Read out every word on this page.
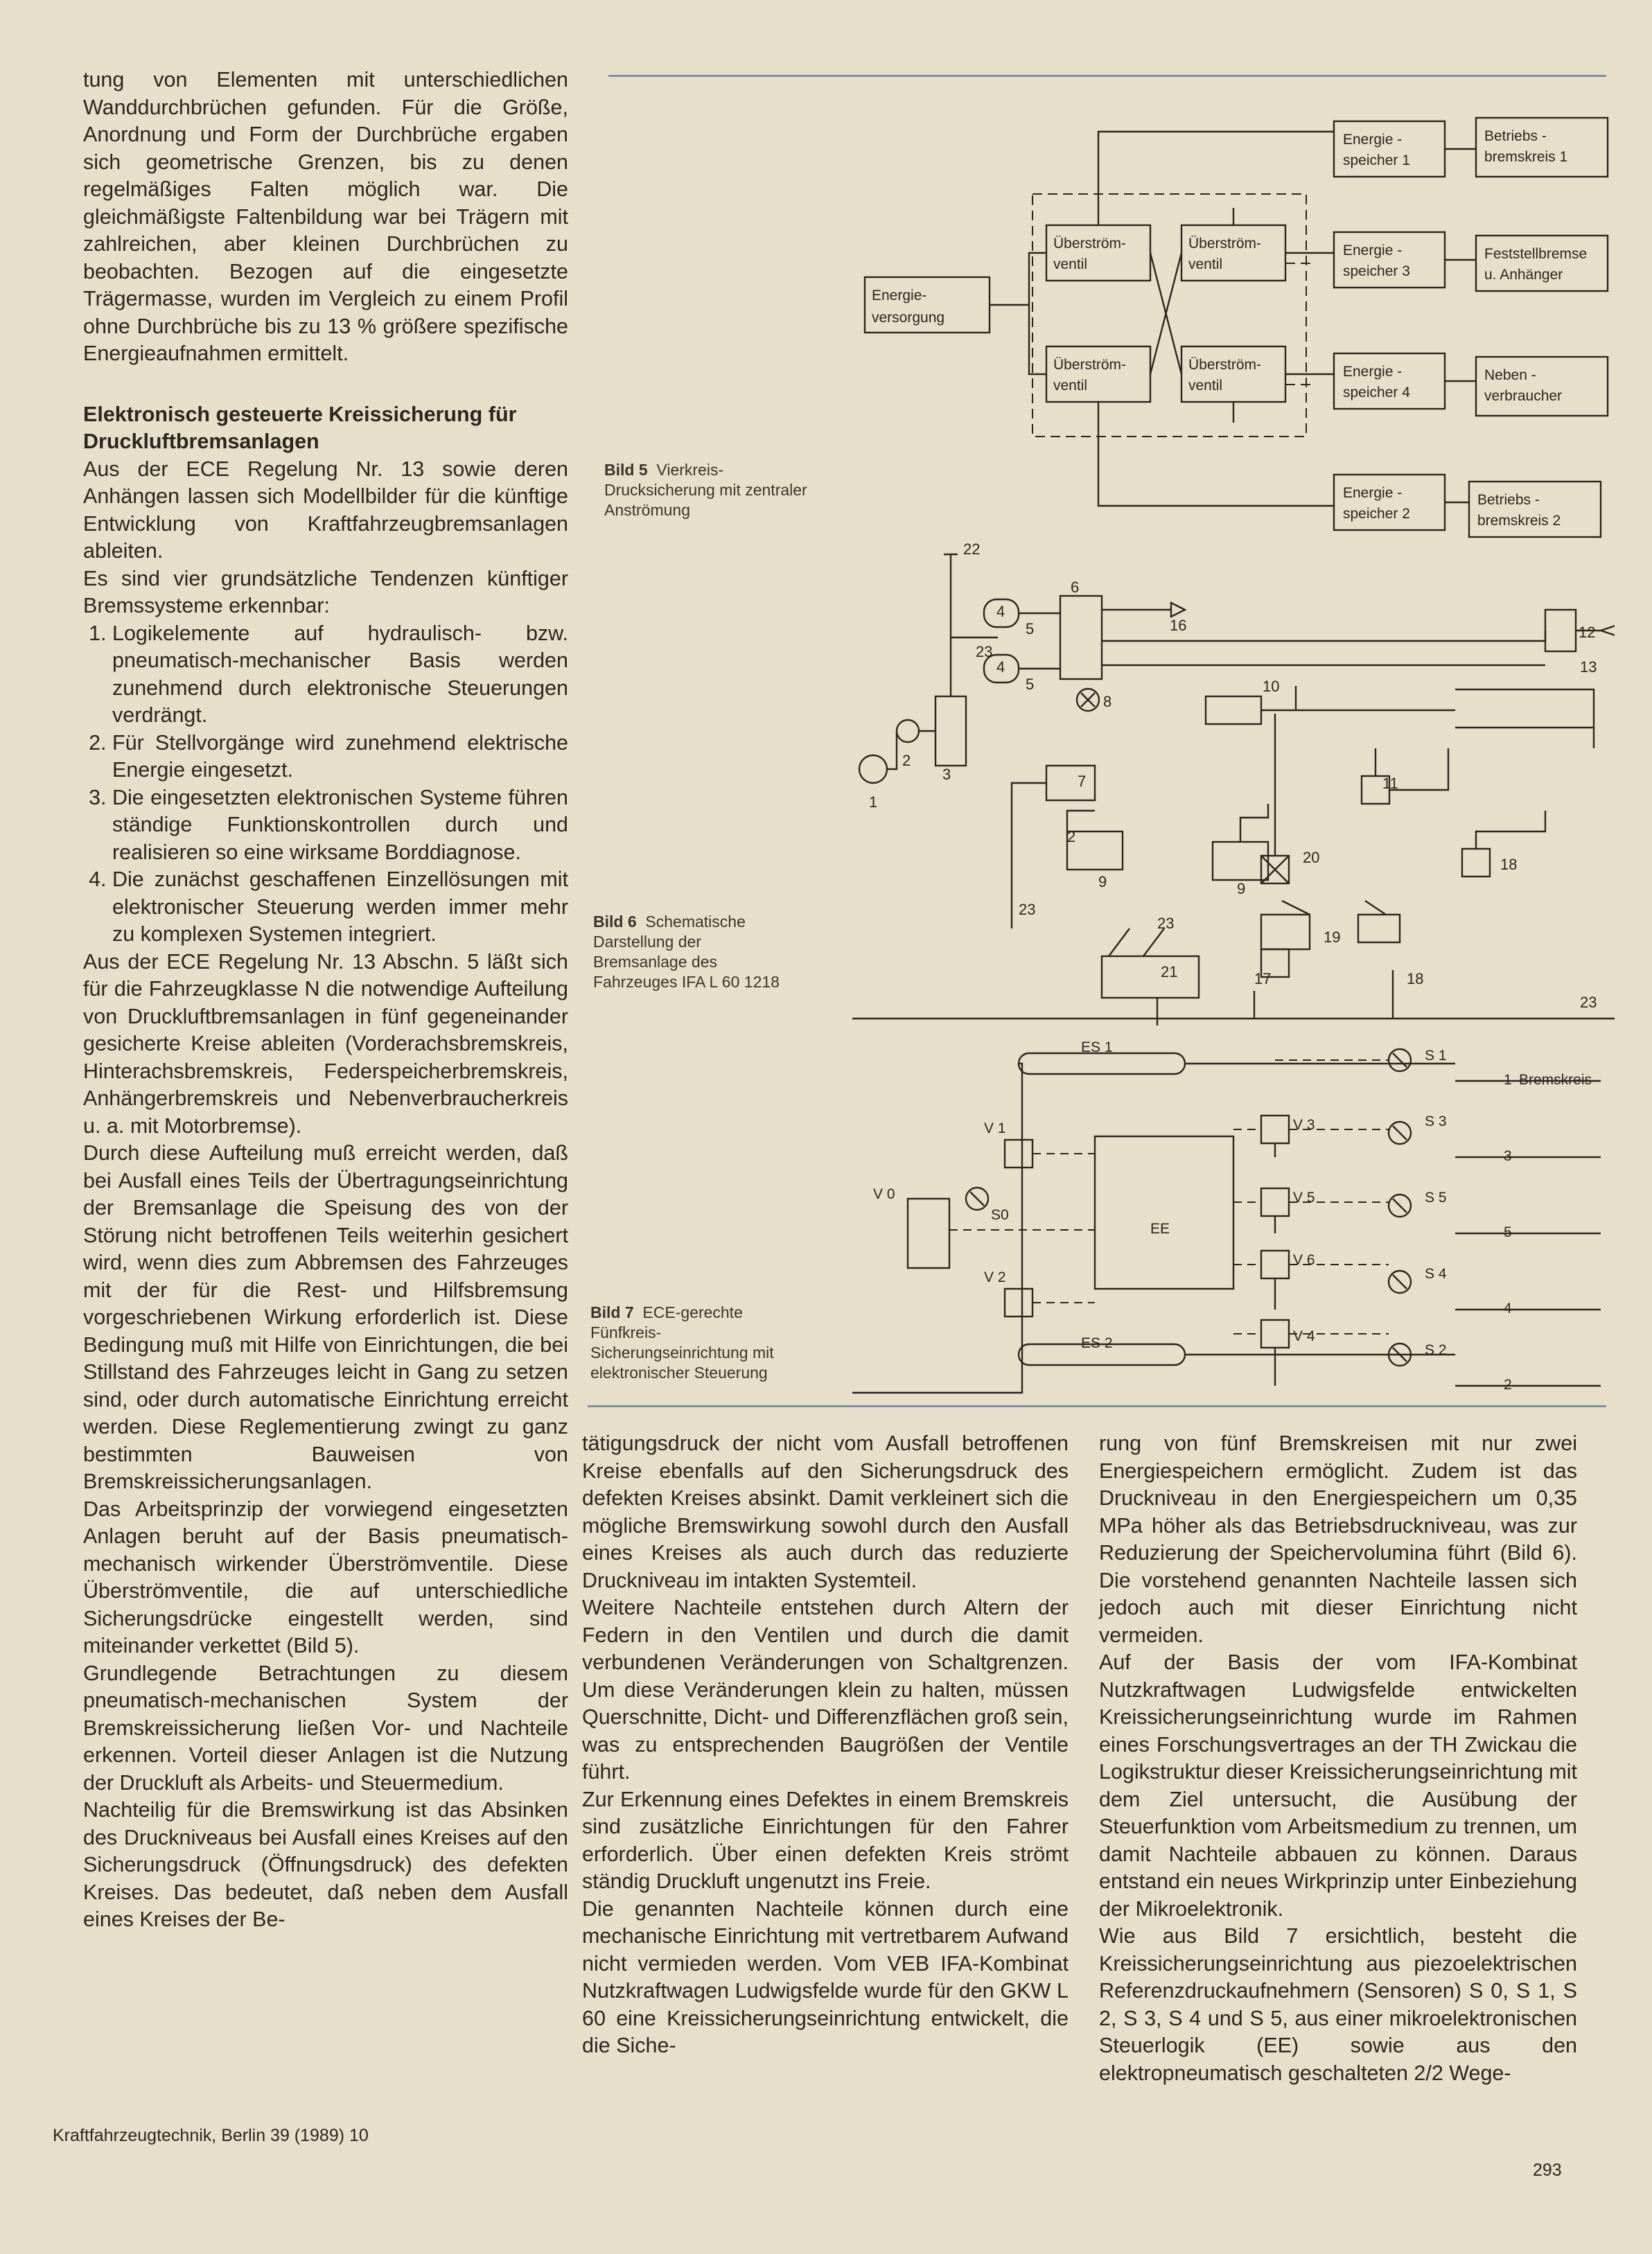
tung von Elementen mit unterschiedlichen Wanddurchbrüchen gefunden. Für die Größe, Anordnung und Form der Durchbrüche ergaben sich geometrische Grenzen, bis zu denen regelmäßiges Falten möglich war. Die gleichmäßigste Faltenbildung war bei Trägern mit zahlreichen, aber kleinen Durchbrüchen zu beobachten. Bezogen auf die eingesetzte Trägermasse, wurden im Vergleich zu einem Profil ohne Durchbrüche bis zu 13 % größere spezifische Energieaufnahmen ermittelt.

Elektronisch gesteuerte Kreissicherung für Druckluftbremsanlagen

Aus der ECE Regelung Nr. 13 sowie deren Anhängen lassen sich Modellbilder für die künftige Entwicklung von Kraftfahrzeugbremsanlagen ableiten.

Es sind vier grundsätzliche Tendenzen künftiger Bremssysteme erkennbar:

1. Logikelemente auf hydraulisch- bzw. pneumatisch-mechanischer Basis werden zunehmend durch elektronische Steuerungen verdrängt.
2. Für Stellvorgänge wird zunehmend elektrische Energie eingesetzt.
3. Die eingesetzten elektronischen Systeme führen ständige Funktionskontrollen durch und realisieren so eine wirksame Borddiagnose.
4. Die zunächst geschaffenen Einzellösungen mit elektronischer Steuerung werden immer mehr zu komplexen Systemen integriert.

Aus der ECE Regelung Nr. 13 Abschn. 5 läßt sich für die Fahrzeugklasse N die notwendige Aufteilung von Druckluftbremsanlagen in fünf gegeneinander gesicherte Kreise ableiten (Vorderachsbremskreis, Hinterachsbremskreis, Federspeicherbremskreis, Anhängerbremskreis und Nebenverbraucherkreis u. a. mit Motorbremse).

Durch diese Aufteilung muß erreicht werden, daß bei Ausfall eines Teils der Übertragungseinrichtung der Bremsanlage die Speisung des von der Störung nicht betroffenen Teils weiterhin gesichert wird, wenn dies zum Abbremsen des Fahrzeuges mit der für die Rest- und Hilfsbremsung vorgeschriebenen Wirkung erforderlich ist. Diese Bedingung muß mit Hilfe von Einrichtungen, die bei Stillstand des Fahrzeuges leicht in Gang zu setzen sind, oder durch automatische Einrichtung erreicht werden. Diese Reglementierung zwingt zu ganz bestimmten Bauweisen von Bremskreissicherungsanlagen.

Das Arbeitsprinzip der vorwiegend eingesetzten Anlagen beruht auf der Basis pneumatisch-mechanisch wirkender Überströmventile. Diese Überströmventile, die auf unterschiedliche Sicherungsdrücke eingestellt werden, sind miteinander verkettet (Bild 5).

Grundlegende Betrachtungen zu diesem pneumatisch-mechanischen System der Bremskreissicherung ließen Vor- und Nachteile erkennen. Vorteil dieser Anlagen ist die Nutzung der Druckluft als Arbeits- und Steuermedium.

Nachteilig für die Bremswirkung ist das Absinken des Druckniveaus bei Ausfall eines Kreises auf den Sicherungsdruck (Öffnungsdruck) des defekten Kreises. Das bedeutet, daß neben dem Ausfall eines Kreises der Be-

tätigungsdruck der nicht vom Ausfall betroffenen Kreise ebenfalls auf den Sicherungsdruck des defekten Kreises absinkt. Damit verkleinert sich die mögliche Bremswirkung sowohl durch den Ausfall eines Kreises als auch durch das reduzierte Druckniveau im intakten Systemteil.

Weitere Nachteile entstehen durch Altern der Federn in den Ventilen und durch die damit verbundenen Veränderungen von Schaltgrenzen. Um diese Veränderungen klein zu halten, müssen Querschnitte, Dicht- und Differenzflächen groß sein, was zu entsprechenden Baugrößen der Ventile führt.

Zur Erkennung eines Defektes in einem Bremskreis sind zusätzliche Einrichtungen für den Fahrer erforderlich. Über einen defekten Kreis strömt ständig Druckluft ungenutzt ins Freie.

Die genannten Nachteile können durch eine mechanische Einrichtung mit vertretbarem Aufwand nicht vermieden werden. Vom VEB IFA-Kombinat Nutzkraftwagen Ludwigsfelde wurde für den GKW L 60 eine Kreissicherungseinrichtung entwickelt, die die Siche-

rung von fünf Bremskreisen mit nur zwei Energiespeichern ermöglicht. Zudem ist das Druckniveau in den Energiespeichern um 0,35 MPa höher als das Betriebsdruckniveau, was zur Reduzierung der Speichervolumina führt (Bild 6). Die vorstehend genannten Nachteile lassen sich jedoch auch mit dieser Einrichtung nicht vermeiden.

Auf der Basis der vom IFA-Kombinat Nutzkraftwagen Ludwigsfelde entwickelten Kreissicherungseinrichtung wurde im Rahmen eines Forschungsvertrages an der TH Zwickau die Logikstruktur dieser Kreissicherungseinrichtung mit dem Ziel untersucht, die Ausübung der Steuerfunktion vom Arbeitsmedium zu trennen, um damit Nachteile abbauen zu können. Daraus entstand ein neues Wirkprinzip unter Einbeziehung der Mikroelektronik.

Wie aus Bild 7 ersichtlich, besteht die Kreissicherungseinrichtung aus piezoelektrischen Referenzdruckaufnehmern (Sensoren) S 0, S 1, S 2, S 3, S 4 und S 5, aus einer mikroelektronischen Steuerlogik (EE) sowie aus den elektropneumatisch geschalteten 2/2 Wege-

Bild 5 Vierkreis-Drucksicherung mit zentraler Anströmung
Bild 6 Schematische Darstellung der Bremsanlage des Fahrzeuges IFA L 60 1218
Bild 7 ECE-gerechte Fünfkreis-Sicherungseinrichtung mit elektronischer Steuerung
Energie-
versorgung
Überström-
ventil
Überström-
ventil
Überström-
ventil
Überström-
ventil
Energie -
speicher 1
Energie -
speicher 3
Energie -
speicher 4
Energie -
speicher 2
Betriebs -
bremskreis 1
Feststellbremse
u. Anhänger
Neben -
verbraucher
Betriebs -
bremskreis 2
1
2
3
4
4
5
5
6
7
8
9	9
10
11
12
13
16
17	18
18
19
20
21
22
23
23
23
23
2
ES 1
ES 2
EE
V 0
V 1
V 2
V 3
V 4
V 5
V 6
S0
S 1
S 3
S 5
S 4
S 2
1 Bremskreis
3
5
4
2
Kraftfahrzeugtechnik, Berlin 39 (1989) 10
293
